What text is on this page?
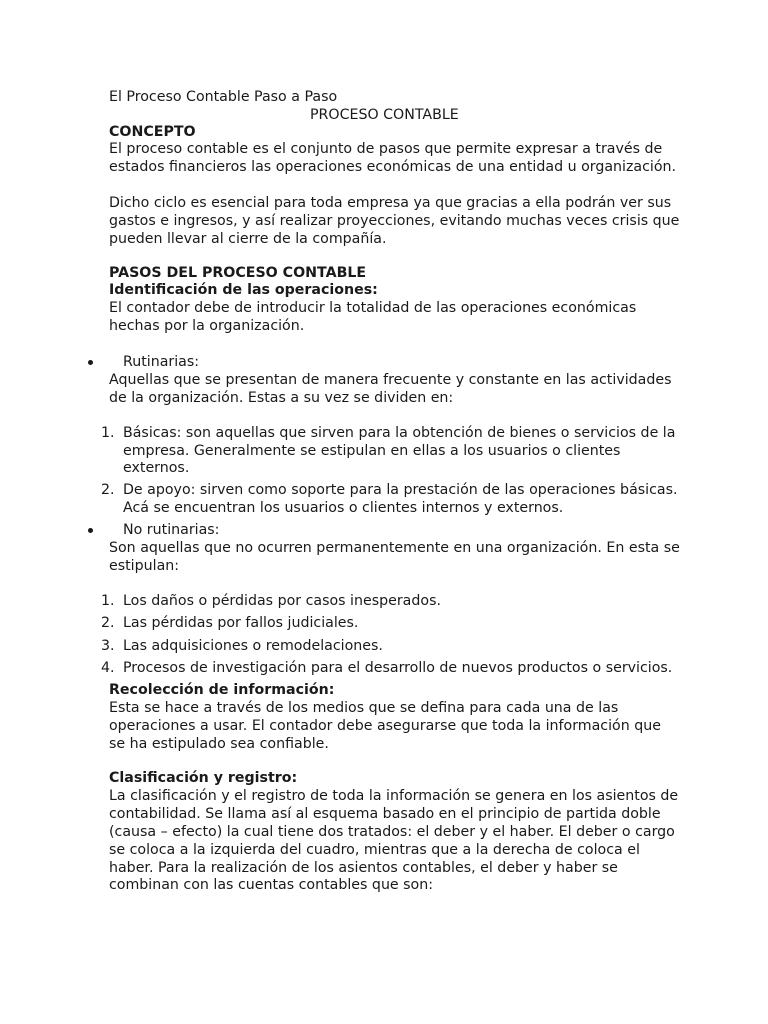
El Proceso Contable Paso a Paso
PROCESO CONTABLE
CONCEPTO
El proceso contable es el conjunto de pasos que permite expresar a través de
estados financieros las operaciones económicas de una entidad u organización.
Dicho ciclo es esencial para toda empresa ya que gracias a ella podrán ver sus
gastos e ingresos, y así realizar proyecciones, evitando muchas veces crisis que
pueden llevar al cierre de la compañía.
PASOS DEL PROCESO CONTABLE
Identificación de las operaciones:
El contador debe de introducir la totalidad de las operaciones económicas
hechas por la organización.
Rutinarias:
Aquellas que se presentan de manera frecuente y constante en las actividades
de la organización. Estas a su vez se dividen en:
1. Básicas: son aquellas que sirven para la obtención de bienes o servicios de la
empresa. Generalmente se estipulan en ellas a los usuarios o clientes
externos.
2. De apoyo: sirven como soporte para la prestación de las operaciones básicas.
Acá se encuentran los usuarios o clientes internos y externos.
No rutinarias:
Son aquellas que no ocurren permanentemente en una organización. En esta se
estipulan:
1. Los daños o pérdidas por casos inesperados.
2. Las pérdidas por fallos judiciales.
3. Las adquisiciones o remodelaciones.
4. Procesos de investigación para el desarrollo de nuevos productos o servicios.
Recolección de información:
Esta se hace a través de los medios que se defina para cada una de las
operaciones a usar. El contador debe asegurarse que toda la información que
se ha estipulado sea confiable.
Clasificación y registro:
La clasificación y el registro de toda la información se genera en los asientos de
contabilidad. Se llama así al esquema basado en el principio de partida doble
(causa – efecto) la cual tiene dos tratados: el deber y el haber. El deber o cargo
se coloca a la izquierda del cuadro, mientras que a la derecha de coloca el
haber. Para la realización de los asientos contables, el deber y haber se
combinan con las cuentas contables que son:
